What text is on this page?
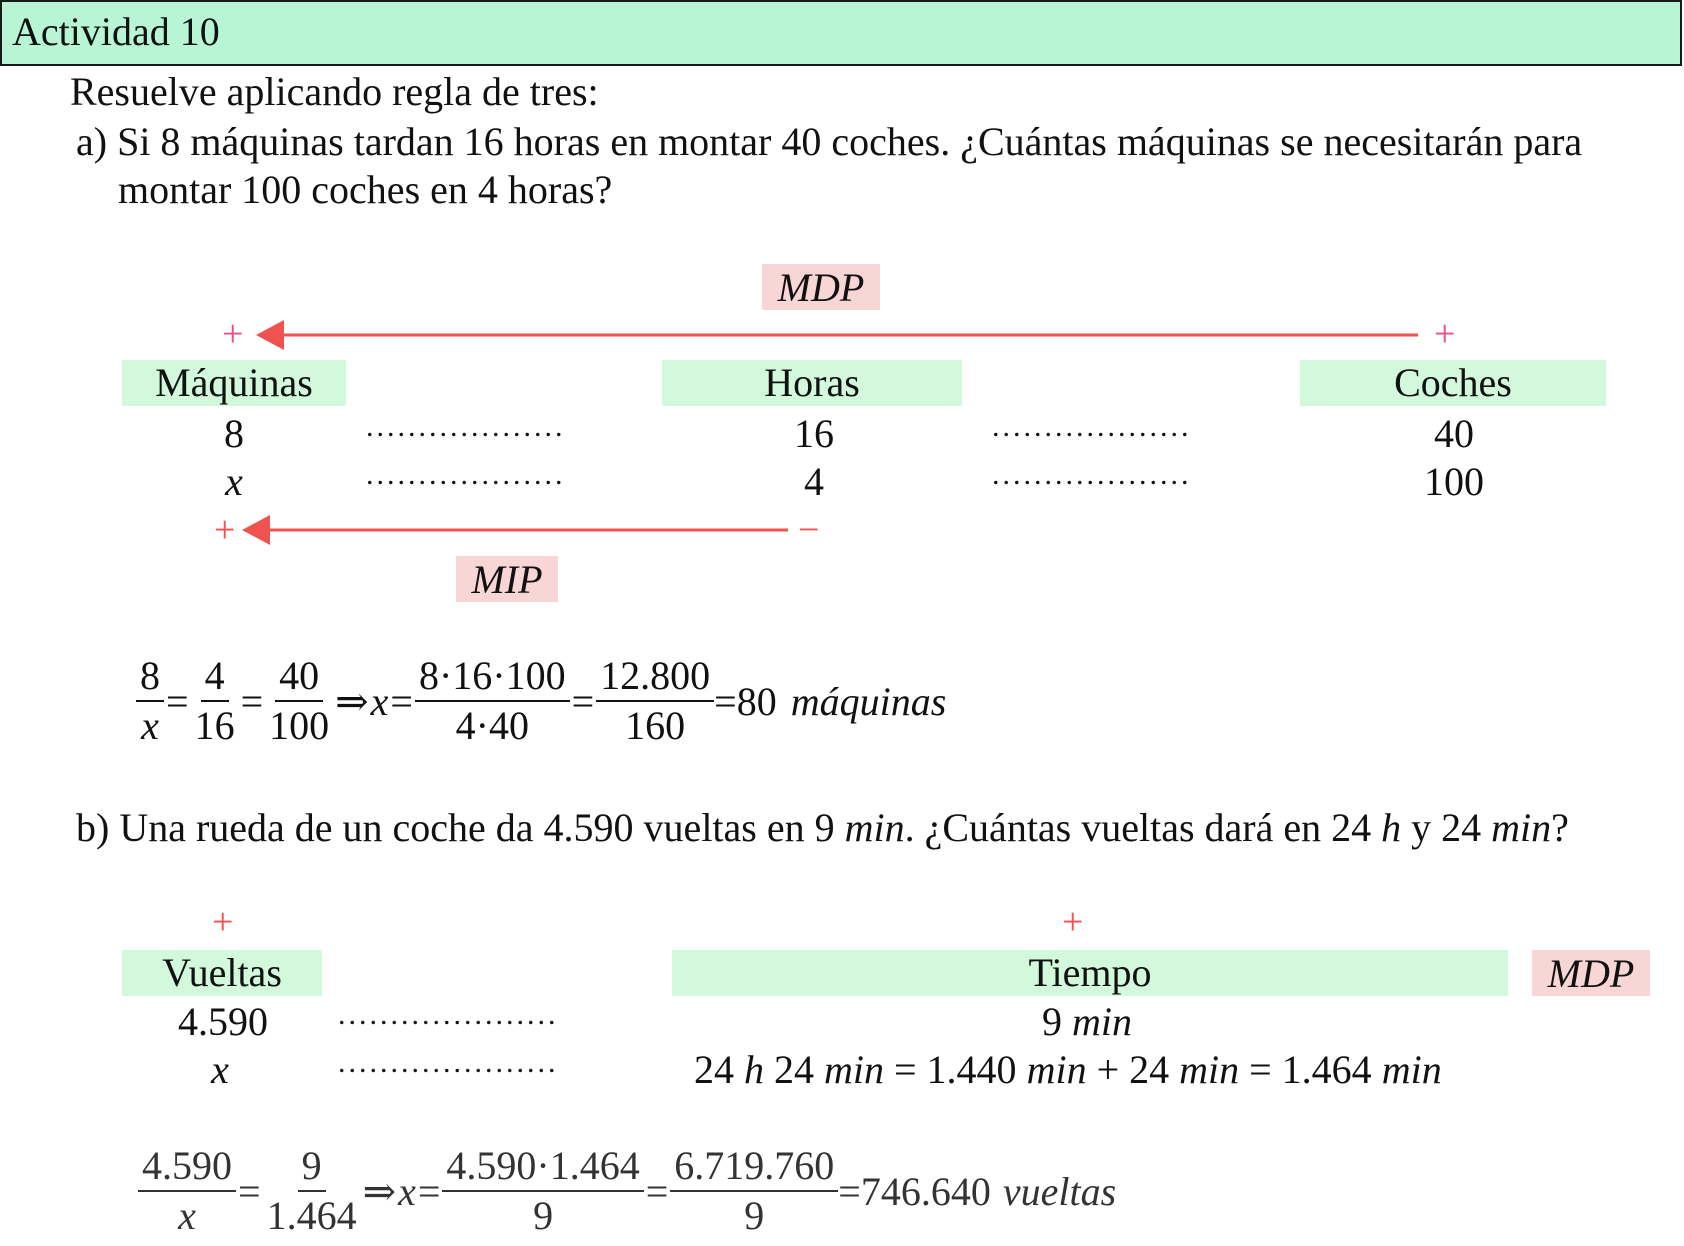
Actividad 10
Resuelve aplicando regla de tres:
a) Si 8 máquinas tardan 16 horas en montar 40 coches. ¿Cuántas máquinas se necesitarán para
montar 100 coches en 4 horas?
MDP
+	+
+	−
Máquinas	Horas	Coches
8	...................	16	...................	40
x	...................	4	...................	100
MIP
$\frac{8}{x} = \frac{4}{16} = \frac{40}{100}$ ⇒ $x = \frac{8\cdot 16\cdot 100}{4\cdot 40} = \frac{12.800}{160} =80$ máquinas
b) Una rueda de un coche da 4.590 vueltas en 9 min. ¿Cuántas vueltas dará en 24 h y 24 min?
+	+
Vueltas	Tiempo	MDP
4.590	.....................	9 min
x	.....................	24 h 24 min = 1.440 min + 24 min = 1.464 min
$\frac{4.590}{x} = \frac{9}{1.464}$ ⇒ $x = \frac{4.590\cdot 1.464}{9} = \frac{6.719.760}{9} =746.640$ vueltas
